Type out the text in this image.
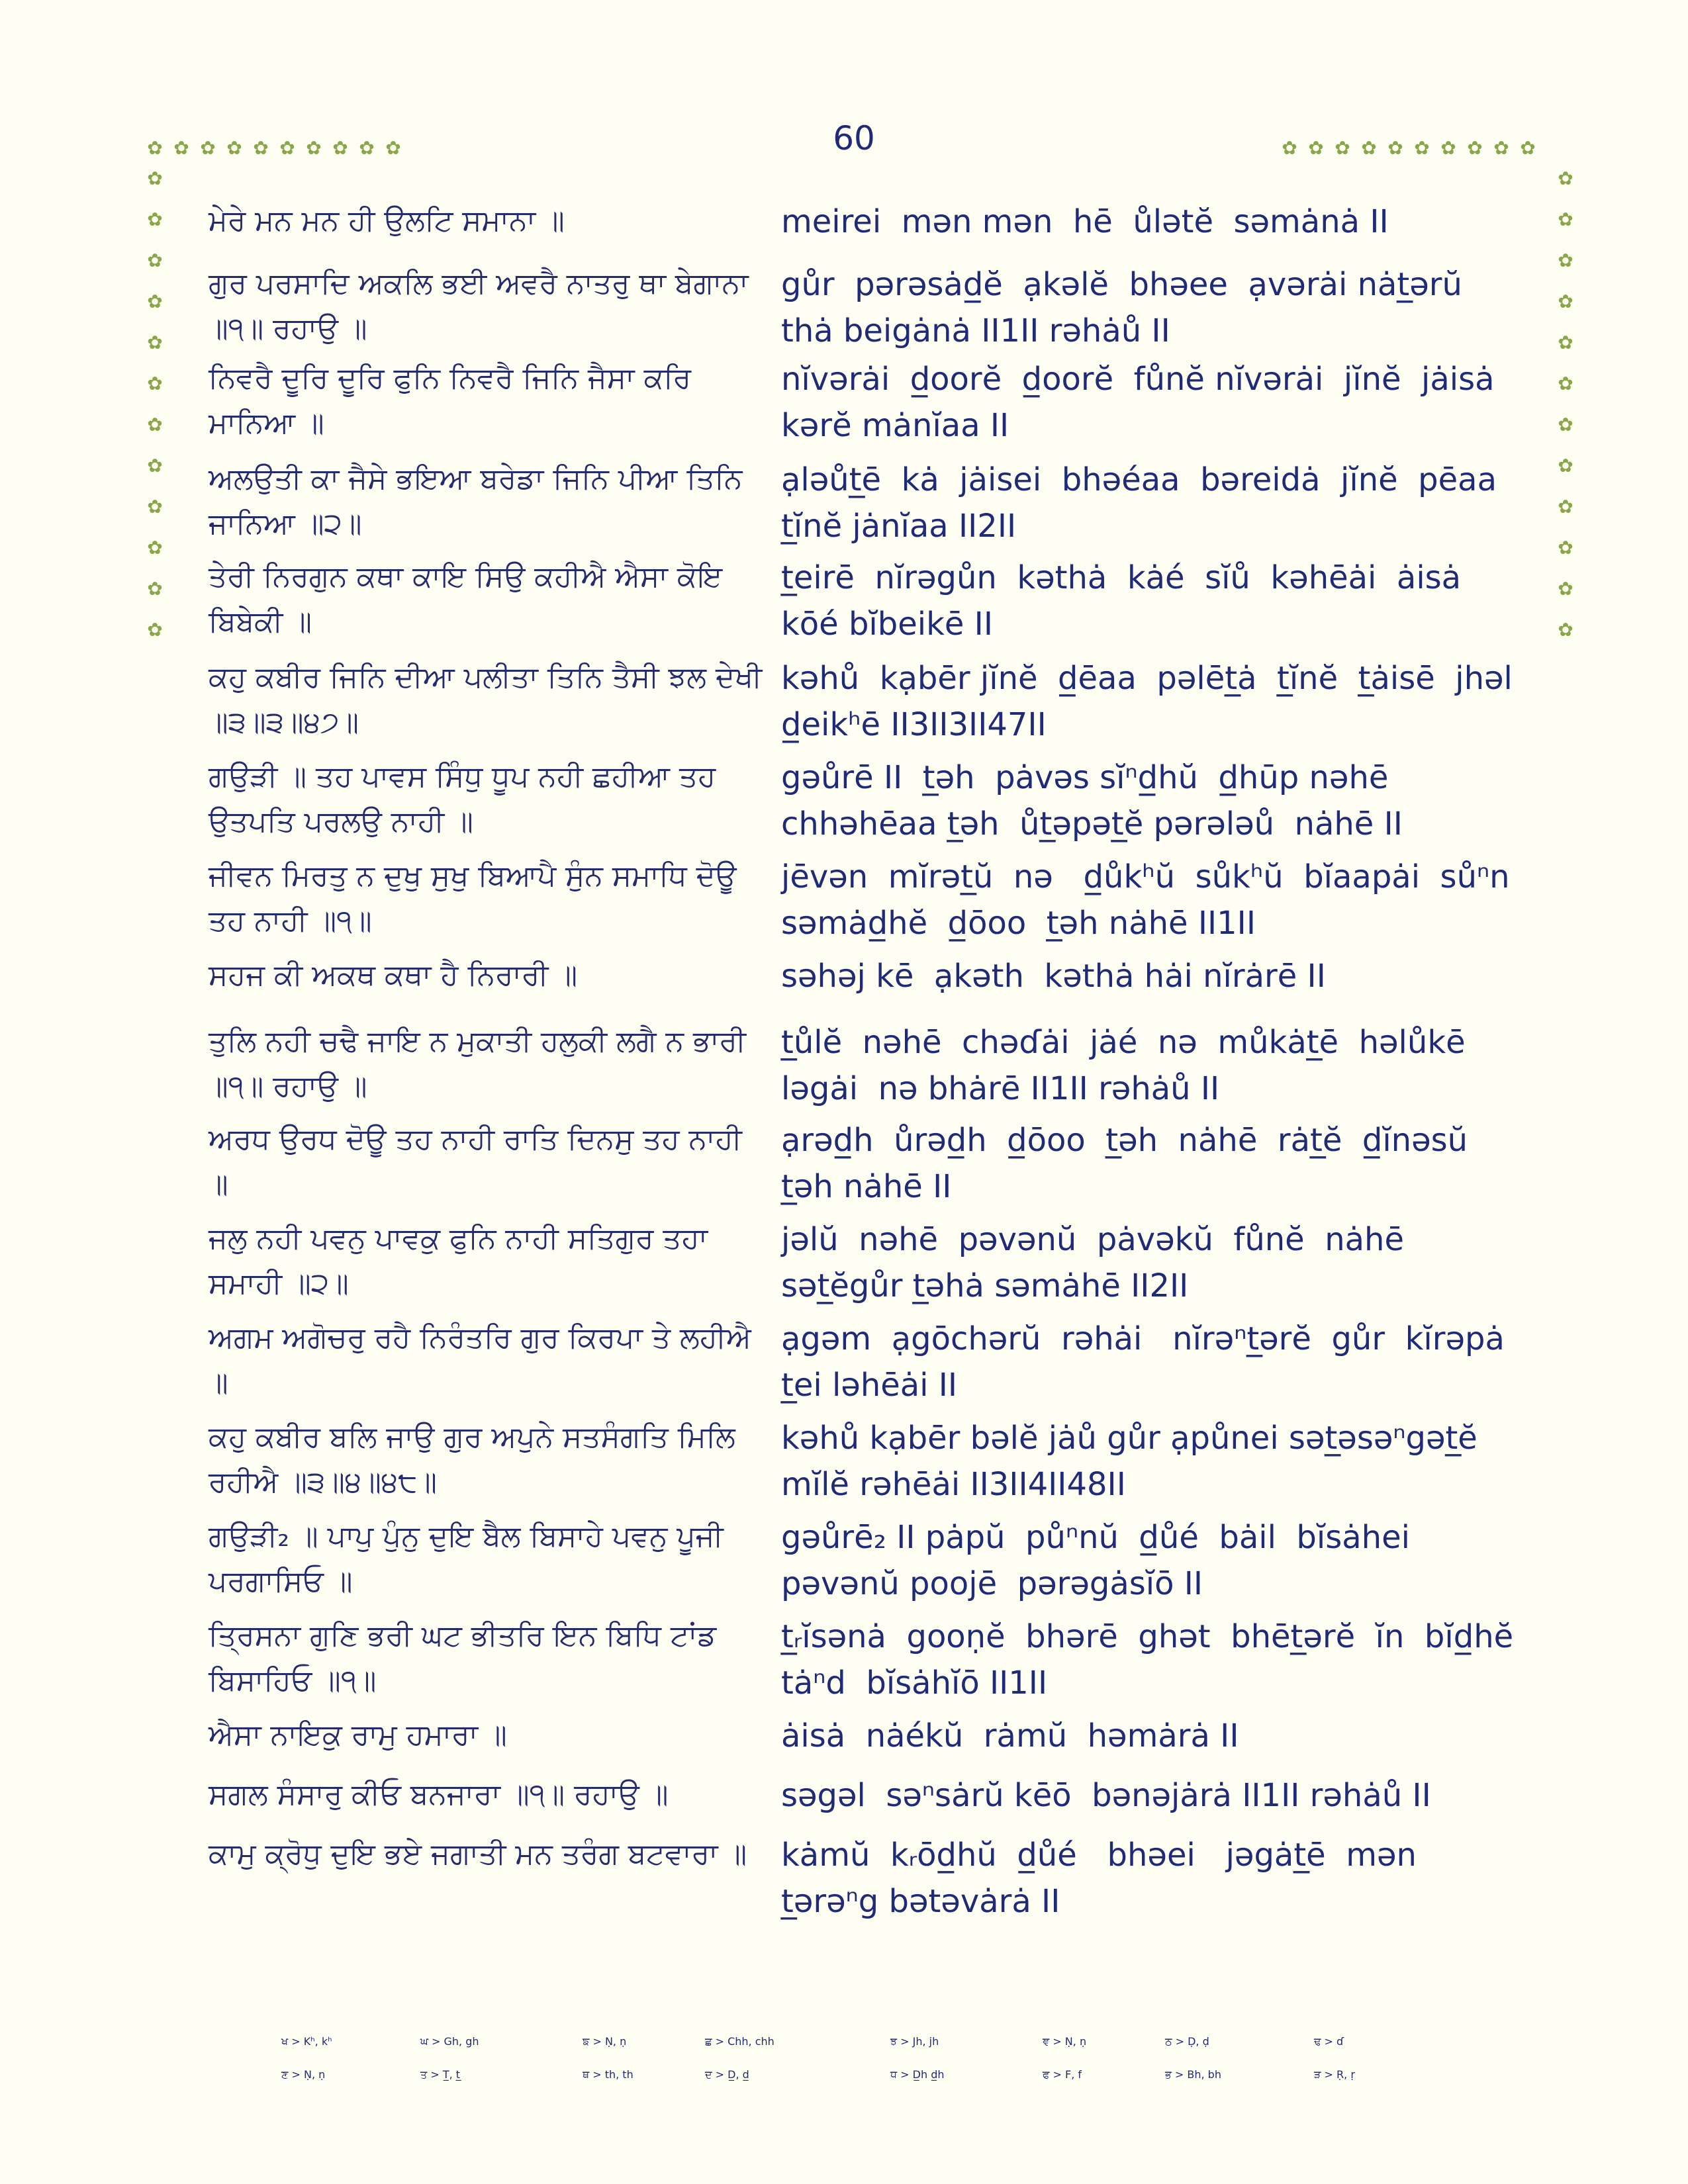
60
✿ ✿ ✿ ✿ ✿ ✿ ✿ ✿ ✿ ✿	✿ ✿ ✿ ✿ ✿ ✿ ✿ ✿ ✿ ✿
✿
✿
✿
✿
✿
✿
✿
✿
✿
✿
✿
✿
✿
✿
✿
✿
✿
✿
✿
✿
✿
✿
✿
✿
ਮੇਰੇ ਮਨ ਮਨ ਹੀ ਉਲਟਿ ਸਮਾਨਾ ॥	meirei  mən mən  hē  ůlətĕ  səmȧnȧ II
ਗੁਰ ਪਰਸਾਦਿ ਅਕਲਿ ਭਈ ਅਵਰੈ ਨਾਤਰੁ ਥਾ ਬੇਗਾਨਾ ॥੧॥ ਰਹਾਉ ॥
gůr  pərəsȧd̲ĕ  ạkəlĕ  bhəee  ạvərȧi nȧt̲ərŭ  thȧ beigȧnȧ II1II rəhȧů II
ਨਿਵਰੈ ਦੂਰਿ ਦੂਰਿ ਫੁਨਿ ਨਿਵਰੈ ਜਿਨਿ ਜੈਸਾ ਕਰਿ ਮਾਨਿਆ ॥
nĭvərȧi  d̲oorĕ  d̲oorĕ  fůnĕ nĭvərȧi  jĭnĕ  jȧisȧ  kərĕ mȧnĭaa II
ਅਲਉਤੀ ਕਾ ਜੈਸੇ ਭਇਆ ਬਰੇਡਾ ਜਿਨਿ ਪੀਆ ਤਿਨਿ ਜਾਨਿਆ ॥੨॥
ạləůt̲ē  kȧ  jȧisei  bhəéaa  bəreidȧ  jĭnĕ  pēaa  t̲ĭnĕ jȧnĭaa II2II
ਤੇਰੀ ਨਿਰਗੁਨ ਕਥਾ ਕਾਇ ਸਿਉ ਕਹੀਐ ਐਸਾ ਕੋਇ ਬਿਬੇਕੀ ॥
t̲eirē  nĭrəgůn  kəthȧ  kȧé  sĭů  kəhēȧi  ȧisȧ  kōé bĭbeikē II
ਕਹੁ ਕਬੀਰ ਜਿਨਿ ਦੀਆ ਪਲੀਤਾ ਤਿਨਿ ਤੈਸੀ ਝਲ ਦੇਖੀ ॥੩॥੩॥੪੭॥
kəhů  kạbēr jĭnĕ  d̲ēaa  pəlēt̲ȧ  t̲ĭnĕ  t̲ȧisē  jhəl d̲eikʰē II3II3II47II
ਗਉੜੀ ॥ ਤਹ ਪਾਵਸ ਸਿੰਧੁ ਧੂਪ ਨਹੀ ਛਹੀਆ ਤਹ ਉਤਪਤਿ ਪਰਲਉ ਨਾਹੀ ॥
gəůrē II  t̲əh  pȧvəs sĭⁿd̲hŭ  d̲hūp nəhē  chhəhēaa t̲əh  ůt̲əpət̲ĕ pərələů  nȧhē II
ਜੀਵਨ ਮਿਰਤੁ ਨ ਦੁਖੁ ਸੁਖੁ ਬਿਆਪੈ ਸੁੰਨ ਸਮਾਧਿ ਦੋਊ ਤਹ ਨਾਹੀ ॥੧॥
jēvən  mĭrət̲ŭ  nə   d̲ůkʰŭ  sůkʰŭ  bĭaapȧi  sůⁿn səmȧd̲hĕ  d̲ōoo  t̲əh nȧhē II1II
ਸਹਜ ਕੀ ਅਕਥ ਕਥਾ ਹੈ ਨਿਰਾਰੀ ॥	səhəj kē  ạkəth  kəthȧ hȧi nĭrȧrē II
ਤੁਲਿ ਨਹੀ ਚਢੈ ਜਾਇ ਨ ਮੁਕਾਤੀ ਹਲੁਕੀ ਲਗੈ ਨ ਭਾਰੀ ॥੧॥ ਰਹਾਉ ॥
t̲ůlĕ  nəhē  chəɗȧi  jȧé  nə  můkȧt̲ē  həlůkē  ləgȧi  nə bhȧrē II1II rəhȧů II
ਅਰਧ ਉਰਧ ਦੋਊ ਤਹ ਨਾਹੀ ਰਾਤਿ ਦਿਨਸੁ ਤਹ ਨਾਹੀ ॥
ạrəd̲h  ůrəd̲h  d̲ōoo  t̲əh  nȧhē  rȧt̲ĕ  d̲ĭnəsŭ  t̲əh nȧhē II
ਜਲੁ ਨਹੀ ਪਵਨੁ ਪਾਵਕੁ ਫੁਨਿ ਨਾਹੀ ਸਤਿਗੁਰ ਤਹਾ ਸਮਾਹੀ ॥੨॥
jəlŭ  nəhē  pəvənŭ  pȧvəkŭ  fůnĕ  nȧhē  sət̲ĕgůr t̲əhȧ səmȧhē II2II
ਅਗਮ ਅਗੋਚਰੁ ਰਹੈ ਨਿਰੰਤਰਿ ਗੁਰ ਕਿਰਪਾ ਤੇ ਲਹੀਐ ॥
ạgəm  ạgōchərŭ  rəhȧi   nĭrəⁿt̲ərĕ  gůr  kĭrəpȧ  t̲ei ləhēȧi II
ਕਹੁ ਕਬੀਰ ਬਲਿ ਜਾਉ ਗੁਰ ਅਪੁਨੇ ਸਤਸੰਗਤਿ ਮਿਲਿ ਰਹੀਐ ॥੩॥੪॥੪੮॥
kəhů kạbēr bəlĕ jȧů gůr ạpůnei sət̲əsəⁿgət̲ĕ mĭlĕ rəhēȧi II3II4II48II
ਗਉੜੀ₂ ॥ ਪਾਪੁ ਪੁੰਨੁ ਦੁਇ ਬੈਲ ਬਿਸਾਹੇ ਪਵਨੁ ਪੂਜੀ ਪਰਗਾਸਿਓ ॥
gəůrē₂ II pȧpŭ  půⁿnŭ  d̲ůé  bȧil  bĭsȧhei  pəvənŭ poojē  pərəgȧsĭō II
ਤ੍ਰਿਸਨਾ ਗੁਣਿ ਭਰੀ ਘਟ ਭੀਤਰਿ ਇਨ ਬਿਧਿ ਟਾਂਡ ਬਿਸਾਹਿਓ ॥੧॥
t̲ᵣĭsənȧ  gooṇĕ  bhərē  ghət  bhēt̲ərĕ  ĭn  bĭd̲hĕ tȧⁿd  bĭsȧhĭō II1II
ਐਸਾ ਨਾਇਕੁ ਰਾਮੁ ਹਮਾਰਾ ॥	ȧisȧ  nȧékŭ  rȧmŭ  həmȧrȧ II
ਸਗਲ ਸੰਸਾਰੁ ਕੀਓ ਬਨਜਾਰਾ ॥੧॥ ਰਹਾਉ ॥	səgəl  səⁿsȧrŭ kēō  bənəjȧrȧ II1II rəhȧů II
ਕਾਮੁ ਕ੍ਰੋਧੁ ਦੁਇ ਭਏ ਜਗਾਤੀ ਮਨ ਤਰੰਗ ਬਟਵਾਰਾ ॥	kȧmŭ  kᵣōd̲hŭ  d̲ůé   bhəei   jəgȧt̲ē  mən   t̲ərəⁿg bətəvȧrȧ II
ਖ > Kʰ, kʰ	ਘ > Gh, gh	ਙ > Ṇ, ṇ	ਛ > Chh, chh	ਝ > Jh, jh	ਞ > Ṇ, ṇ	ਠ > Ḍ, ḍ	ਢ > ɗ
ਣ > Ṇ, ṇ	ਤ > T̲, t̲	ਥ > th, th	ਦ > D̲, d̲	ਧ > D̲h d̲h	ਫ > F, f	ਭ > Bh, bh	ੜ > Ṛ, ṛ
